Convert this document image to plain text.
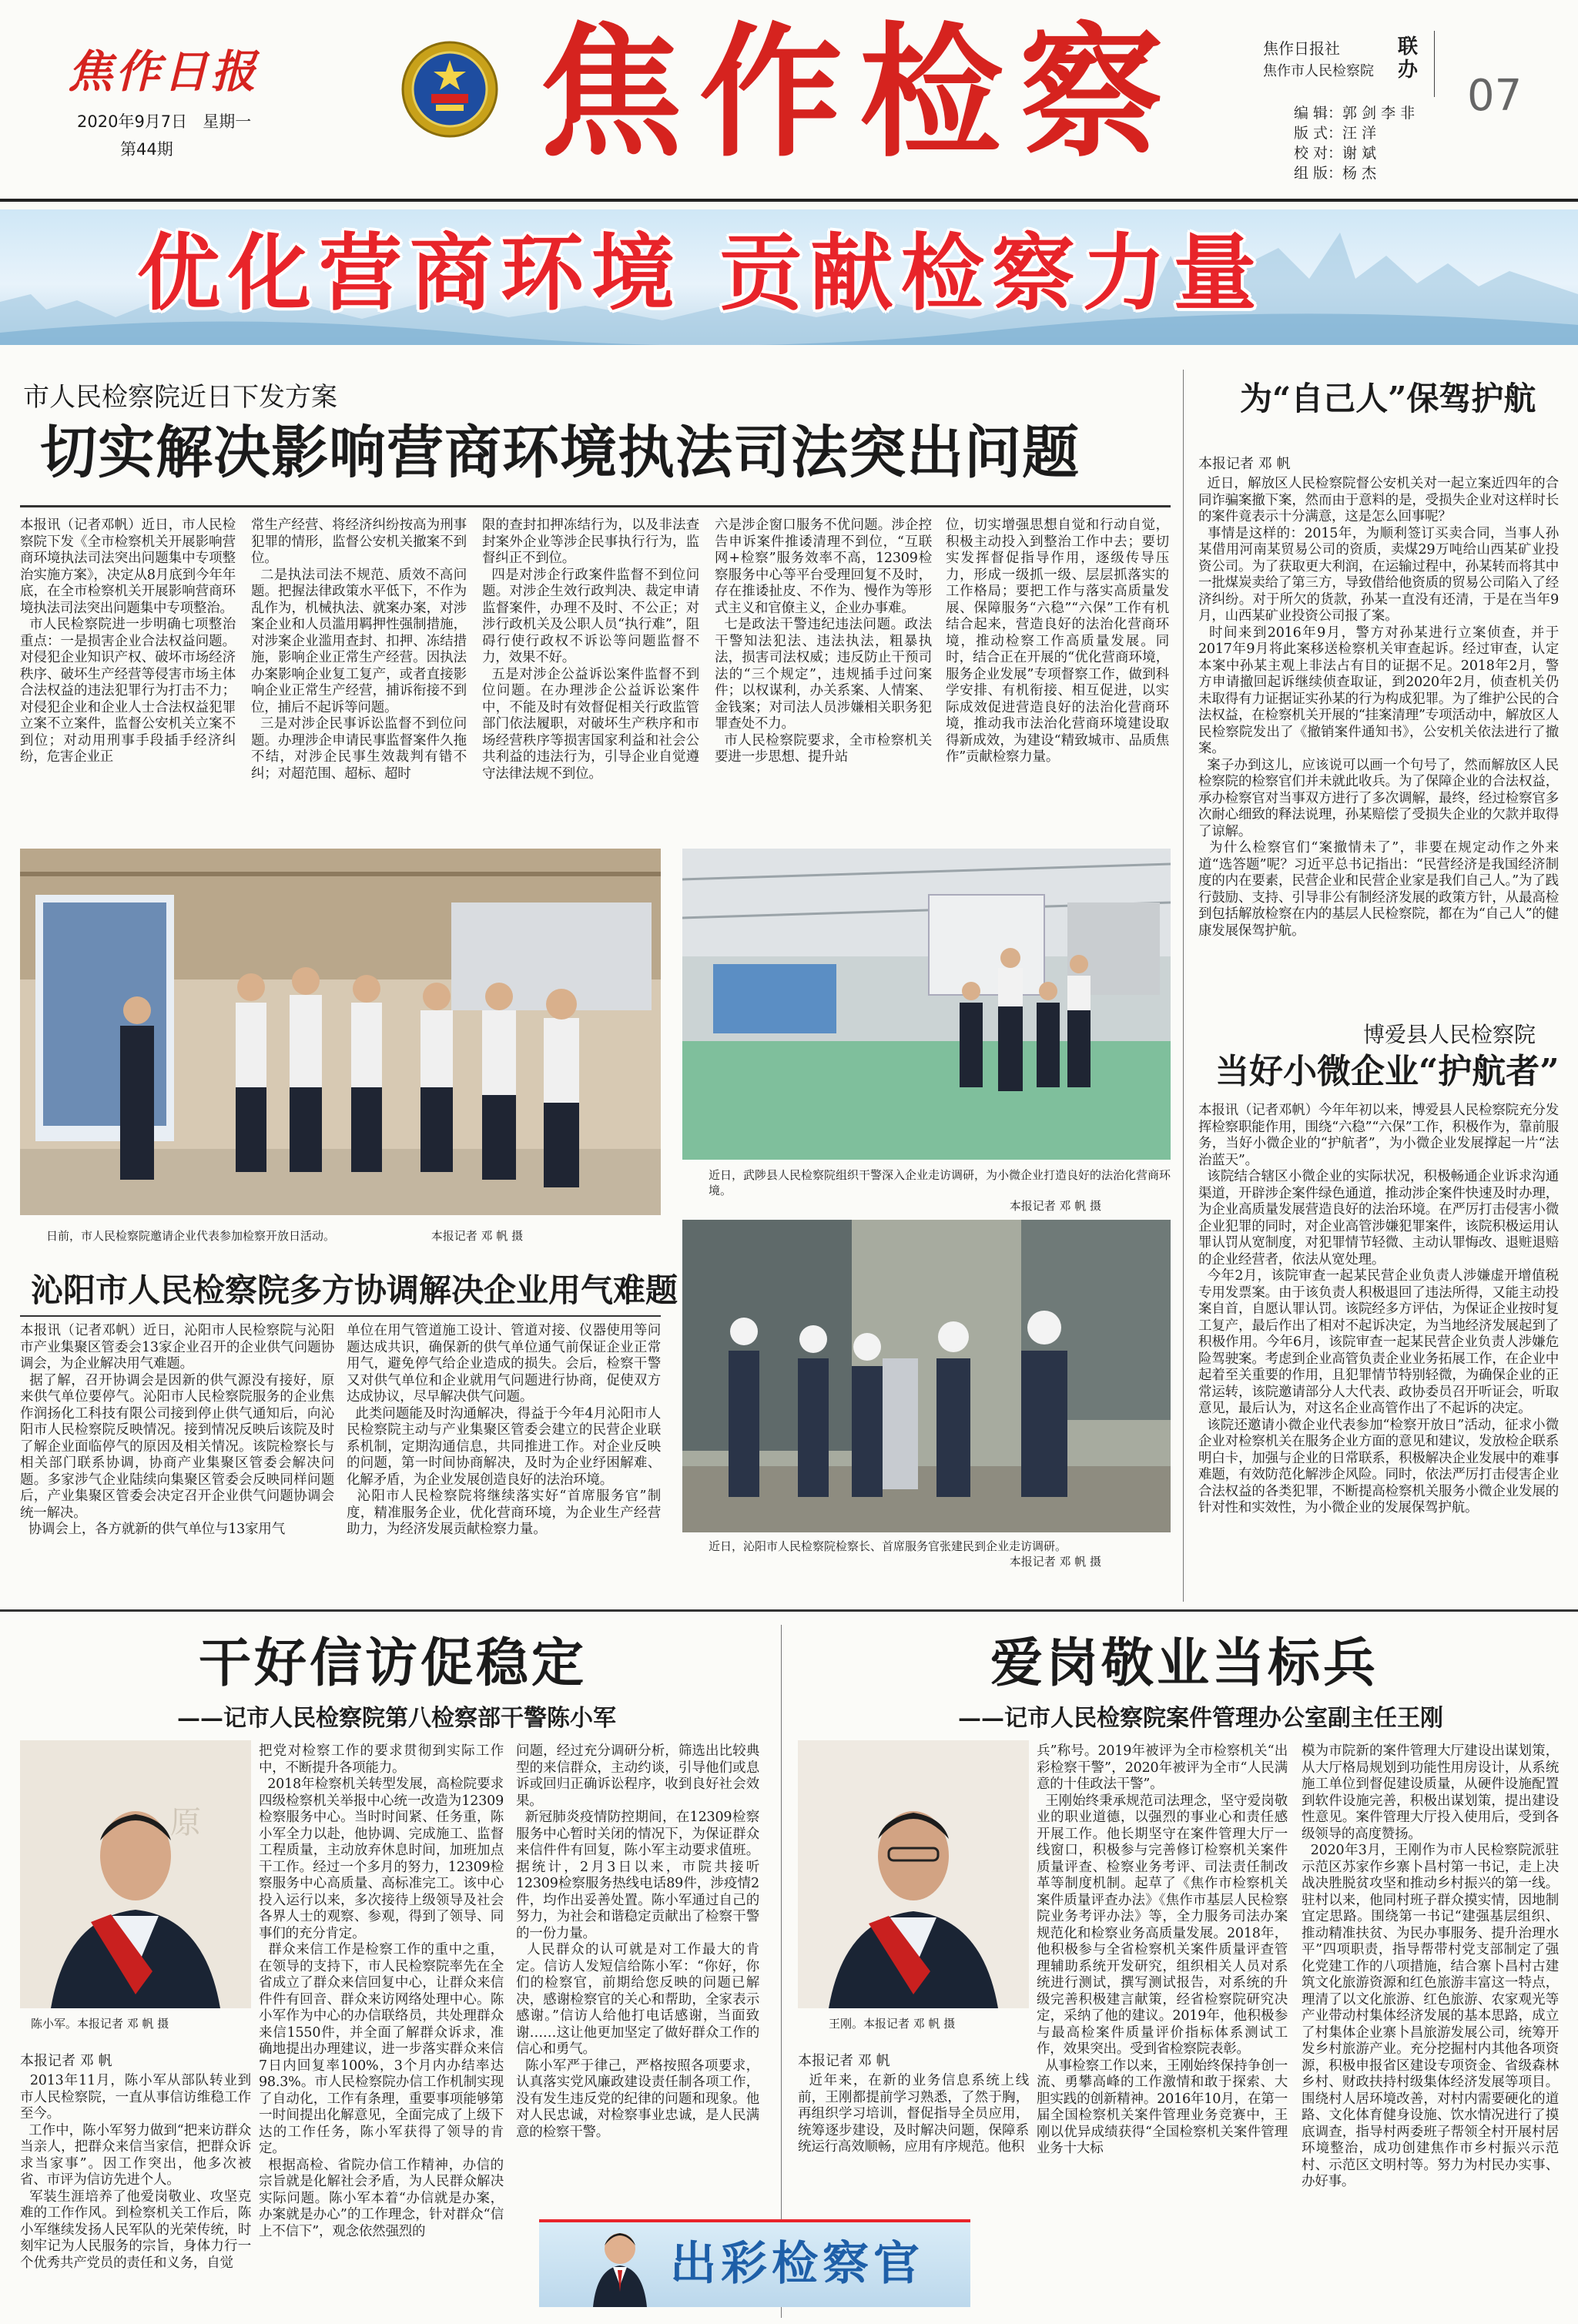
焦作日报
2020年9月7日 星期一
第44期	焦作检察	焦作日报社
焦作市人民检察院
联办
07
编 辑：郭 剑 李 非
版 式：汪 洋
校 对：谢 斌
组 版：杨 杰
优化营商环境 贡献检察力量
市人民检察院近日下发方案
切实解决影响营商环境执法司法突出问题
本报讯（记者邓帆）近日，市人民检察院下发《全市检察机关开展影响营商环境执法司法突出问题集中专项整治实施方案》，决定从8月底到今年年底，在全市检察机关开展影响营商环境执法司法突出问题集中专项整治。
市人民检察院进一步明确七项整治重点：一是损害企业合法权益问题。对侵犯企业知识产权、破坏市场经济秩序、破坏生产经营等侵害市场主体合法权益的违法犯罪行为打击不力；对侵犯企业和企业人士合法权益犯罪立案不立案件，监督公安机关立案不到位；对动用刑事手段插手经济纠纷，危害企业正
常生产经营、将经济纠纷按高为刑事犯罪的情形，监督公安机关撤案不到位。
二是执法司法不规范、质效不高问题。把握法律政策水平低下，不作为乱作为，机械执法、就案办案，对涉案企业和人员滥用羁押性强制措施，对涉案企业滥用查封、扣押、冻结措施，影响企业正常生产经营。因执法办案影响企业复工复产，或者直接影响企业正常生产经营，捕诉衔接不到位，捕后不起诉等问题。
三是对涉企民事诉讼监督不到位问题。办理涉企申请民事监督案件久拖不结，对涉企民事生效裁判有错不纠；对超范围、超标、超时
限的查封扣押冻结行为，以及非法查封案外企业等涉企民事执行行为，监督纠正不到位。
四是对涉企行政案件监督不到位问题。对涉企生效行政判决、裁定申请监督案件，办理不及时、不公正；对涉行政机关及公职人员“执行难”，阻碍行使行政权不诉讼等问题监督不力，效果不好。
五是对涉企公益诉讼案件监督不到位问题。在办理涉企公益诉讼案件中，不能及时有效督促相关行政监管部门依法履职，对破坏生产秩序和市场经营秩序等损害国家利益和社会公共利益的违法行为，引导企业自觉遵守法律法规不到位。
六是涉企窗口服务不优问题。涉企控告申诉案件推诿清理不到位，“互联网+检察”服务效率不高，12309检察服务中心等平台受理回复不及时，存在推诿扯皮、不作为、慢作为等形式主义和官僚主义，企业办事难。
七是政法干警违纪违法问题。政法干警知法犯法、违法执法，粗暴执法，损害司法权威；违反防止干预司法的“三个规定”，违规插手过问案件；以权谋利，办关系案、人情案、金钱案；对司法人员涉嫌相关职务犯罪查处不力。
市人民检察院要求，全市检察机关要进一步思想、提升站
位，切实增强思想自觉和行动自觉，积极主动投入到整治工作中去；要切实发挥督促指导作用，逐级传导压力，形成一级抓一级、层层抓落实的工作格局；要把工作与落实高质量发展、保障服务“六稳”“六保”工作有机结合起来，营造良好的法治化营商环境，推动检察工作高质量发展。同时，结合正在开展的“优化营商环境，服务企业发展”专项督察工作，做到科学安排、有机衔接、相互促进，以实际成效促进营造良好的法治化营商环境，推动我市法治化营商环境建设取得新成效，为建设“精致城市、品质焦作”贡献检察力量。
日前，市人民检察院邀请企业代表参加检察开放日活动。	本报记者 邓 帆 摄
近日，武陟县人民检察院组织干警深入企业走访调研，为小微企业打造良好的法治化营商环境。
本报记者 邓 帆 摄
近日，沁阳市人民检察院检察长、首席服务官张建民到企业走访调研。
本报记者 邓 帆 摄
沁阳市人民检察院多方协调解决企业用气难题
本报讯（记者邓帆）近日，沁阳市人民检察院与沁阳市产业集聚区管委会13家企业召开的企业供气问题协调会，为企业解决用气难题。
据了解，召开协调会是因新的供气源没有接好，原来供气单位要停气。沁阳市人民检察院服务的企业焦作润扬化工科技有限公司接到停止供气通知后，向沁阳市人民检察院反映情况。接到情况反映后该院及时了解企业面临停气的原因及相关情况。该院检察长与相关部门联系协调，协商产业集聚区管委会解决问题。多家涉气企业陆续向集聚区管委会反映同样问题后，产业集聚区管委会决定召开企业供气问题协调会统一解决。
协调会上，各方就新的供气单位与13家用气
单位在用气管道施工设计、管道对接、仪器使用等问题达成共识，确保新的供气单位通气前保证企业正常用气，避免停气给企业造成的损失。会后，检察干警又对供气单位和企业就用气问题进行协商，促使双方达成协议，尽早解决供气问题。
此类问题能及时沟通解决，得益于今年4月沁阳市人民检察院主动与产业集聚区管委会建立的民营企业联系机制，定期沟通信息，共同推进工作。对企业反映的问题，第一时间协商解决，及时为企业纾困解难、化解矛盾，为企业发展创造良好的法治环境。
沁阳市人民检察院将继续落实好“首席服务官”制度，精准服务企业，优化营商环境，为企业生产经营助力，为经济发展贡献检察力量。
为“自己人”保驾护航
本报记者 邓 帆
近日，解放区人民检察院督公安机关对一起立案近四年的合同诈骗案撤下案，然而由于意料的是，受损失企业对这样时长的案件竟表示十分满意，这是怎么回事呢？
事情是这样的：2015年，为顺利签订买卖合同，当事人孙某借用河南某贸易公司的资质，卖煤29万吨给山西某矿业投资公司。为了获取更大利润，在运输过程中，孙某转而将其中一批煤炭卖给了第三方，导致借给他资质的贸易公司陷入了经济纠纷。对于所欠的货款，孙某一直没有还清，于是在当年9月，山西某矿业投资公司报了案。
时间来到2016年9月，警方对孙某进行立案侦查，并于2017年9月将此案移送检察机关审查起诉。经过审查，认定本案中孙某主观上非法占有目的证据不足。2018年2月，警方申请撤回起诉继续侦查取证，到2020年2月，侦查机关仍未取得有力证据证实孙某的行为构成犯罪。为了维护公民的合法权益，在检察机关开展的“挂案清理”专项活动中，解放区人民检察院发出了《撤销案件通知书》，公安机关依法进行了撤案。
案子办到这儿，应该说可以画一个句号了，然而解放区人民检察院的检察官们并未就此收兵。为了保障企业的合法权益，承办检察官对当事双方进行了多次调解，最终，经过检察官多次耐心细致的释法说理，孙某赔偿了受损失企业的欠款并取得了谅解。
为什么检察官们“案撤情未了”，非要在规定动作之外来道“选答题”呢？习近平总书记指出：“民营经济是我国经济制度的内在要素，民营企业和民营企业家是我们自己人。”为了践行鼓励、支持、引导非公有制经济发展的政策方针，从最高检到包括解放检察在内的基层人民检察院，都在为“自己人”的健康发展保驾护航。
博爱县人民检察院
当好小微企业“护航者”
本报讯（记者邓帆）今年年初以来，博爱县人民检察院充分发挥检察职能作用，围绕“六稳”“六保”工作，积极作为，靠前服务，当好小微企业的“护航者”，为小微企业发展撑起一片“法治蓝天”。
该院结合辖区小微企业的实际状况，积极畅通企业诉求沟通渠道，开辟涉企案件绿色通道，推动涉企案件快速及时办理，为企业高质量发展营造良好的法治环境。在严厉打击侵害小微企业犯罪的同时，对企业高管涉嫌犯罪案件，该院积极运用认罪认罚从宽制度，对犯罪情节轻微、主动认罪悔改、退赃退赔的企业经营者，依法从宽处理。
今年2月，该院审查一起某民营企业负责人涉嫌虚开增值税专用发票案。由于该负责人积极退回了违法所得，又能主动投案自首，自愿认罪认罚。该院经多方评估，为保证企业按时复工复产，最后作出了相对不起诉决定，为当地经济发展起到了积极作用。今年6月，该院审查一起某民营企业负责人涉嫌危险驾驶案。考虑到企业高管负责企业业务拓展工作，在企业中起着至关重要的作用，且犯罪情节特别轻微，为确保企业的正常运转，该院邀请部分人大代表、政协委员召开听证会，听取意见，最后认为，对这名企业高管作出了不起诉的决定。
该院还邀请小微企业代表参加“检察开放日”活动，征求小微企业对检察机关在服务企业方面的意见和建议，发放检企联系明白卡，加强与企业的日常联系，积极解决企业发展中的难事难题，有效防范化解涉企风险。同时，依法严厉打击侵害企业合法权益的各类犯罪，不断提高检察机关服务小微企业发展的针对性和实效性，为小微企业的发展保驾护航。
干好信访促稳定
——记市人民检察院第八检察部干警陈小军
原
陈小军。本报记者 邓 帆 摄
本报记者 邓 帆
2013年11月，陈小军从部队转业到市人民检察院，一直从事信访维稳工作至今。
工作中，陈小军努力做到“把来访群众当亲人，把群众来信当家信，把群众诉求当家事”。因工作突出，他多次被省、市评为信访先进个人。
军装生涯培养了他爱岗敬业、攻坚克难的工作作风。到检察机关工作后，陈小军继续发扬人民军队的光荣传统，时刻牢记为人民服务的宗旨，身体力行一个优秀共产党员的责任和义务，自觉
把党对检察工作的要求贯彻到实际工作中，不断提升各项能力。
2018年检察机关转型发展，高检院要求四级检察机关举报中心统一改造为12309检察服务中心。当时时间紧、任务重，陈小军全力以赴，他协调、完成施工、监督工程质量，主动放弃休息时间，加班加点干工作。经过一个多月的努力，12309检察服务中心高质量、高标准完工。该中心投入运行以来，多次接待上级领导及社会各界人士的观察、参观，得到了领导、同事们的充分肯定。
群众来信工作是检察工作的重中之重，在领导的支持下，市人民检察院率先在全省成立了群众来信回复中心，让群众来信件件有回音、群众来访网络处理中心。陈小军作为中心的办信联络员，共处理群众来信1550件，并全面了解群众诉求，准确地提出办理建议，进一步落实群众来信7日内回复率100%，3个月内办结率达98.3%。市人民检察院办信工作机制实现了自动化，工作有条理，重要事项能够第一时间提出化解意见，全面完成了上级下达的工作任务，陈小军获得了领导的肯定。
根据高检、省院办信工作精神，办信的宗旨就是化解社会矛盾，为人民群众解决实际问题。陈小军本着“办信就是办案，办案就是办心”的工作理念，针对群众“信上不信下”，观念依然强烈的
问题，经过充分调研分析，筛选出比较典型的来信群众，主动约谈，引导他们或息诉或回归正确诉讼程序，收到良好社会效果。
新冠肺炎疫情防控期间，在12309检察服务中心暂时关闭的情况下，为保证群众来信件件有回复，陈小军主动要求值班。据统计，2月3日以来，市院共接听12309检察服务热线电话89件，涉疫情2件，均作出妥善处置。陈小军通过自己的努力，为社会和谐稳定贡献出了检察干警的一份力量。
人民群众的认可就是对工作最大的肯定。信访人发短信给陈小军：“你好，你们的检察官，前期给您反映的问题已解决，感谢检察官的关心和帮助，全家表示感谢。”信访人给他打电话感谢，当面致谢……这让他更加坚定了做好群众工作的信心和勇气。
陈小军严于律己，严格按照各项要求，认真落实党风廉政建设责任制各项工作，没有发生违反党的纪律的问题和现象。他对人民忠诚，对检察事业忠诚，是人民满意的检察干警。
爱岗敬业当标兵
——记市人民检察院案件管理办公室副主任王刚
王刚。本报记者 邓 帆 摄
本报记者 邓 帆
近年来，在新的业务信息系统上线前，王刚都提前学习熟悉，了然于胸，再组织学习培训，督促指导全员应用，统筹逐步建设，及时解决问题，保障系统运行高效顺畅，应用有序规范。他积
兵”称号。2019年被评为全市检察机关“出彩检察干警”，2020年被评为全市“人民满意的十佳政法干警”。
王刚始终秉承规范司法理念，坚守爱岗敬业的职业道德，以强烈的事业心和责任感开展工作。他长期坚守在案件管理大厅一线窗口，积极参与完善修订检察机关案件质量评查、检察业务考评、司法责任制改革等制度机制。起草了《焦作市检察机关案件质量评查办法》《焦作市基层人民检察院业务考评办法》等，全力服务司法办案规范化和检察业务高质量发展。2018年，他积极参与全省检察机关案件质量评查管理辅助系统开发研究，组织相关人员对系统进行测试，撰写测试报告，对系统的升级完善积极建言献策，经省检察院研究决定，采纳了他的建议。2019年，他积极参与最高检案件质量评价指标体系测试工作，效果突出。受到省检察院表彰。
从事检察工作以来，王刚始终保持争创一流、勇攀高峰的工作激情和敢于探索、大胆实践的创新精神。2016年10月，在第一届全国检察机关案件管理业务竞赛中，王刚以优异成绩获得“全国检察机关案件管理业务十大标
模为市院新的案件管理大厅建设出谋划策，从大厅格局规划到功能性用房设计，从系统施工单位到督促建设质量，从硬件设施配置到软件设施完善，积极出谋划策，提出建设性意见。案件管理大厅投入使用后，受到各级领导的高度赞扬。
2020年3月，王刚作为市人民检察院派驻示范区苏家作乡寨卜昌村第一书记，走上决战决胜脱贫攻坚和推动乡村振兴的第一线。驻村以来，他同村班子群众摸实情，因地制宜定思路。围绕第一书记“建强基层组织、推动精准扶贫、为民办事服务、提升治理水平”四项职责，指导帮带村党支部制定了强化党建工作的八项措施，结合寨卜昌村古建筑文化旅游资源和红色旅游丰富这一特点，理清了以文化旅游、红色旅游、农家观光等产业带动村集体经济发展的基本思路，成立了村集体企业寨卜昌旅游发展公司，统筹开发乡村旅游产业。充分挖掘村内其他各项资源，积极申报省区建设专项资金、省级森林乡村、财政扶持村级集体经济发展等项目。围绕村人居环境改善，对村内需要硬化的道路、文化体育健身设施、饮水情况进行了摸底调查，指导村两委班子帮领全村开展村居环境整治，成功创建焦作市乡村振兴示范村、示范区文明村等。努力为村民办实事、办好事。
出彩检察官
